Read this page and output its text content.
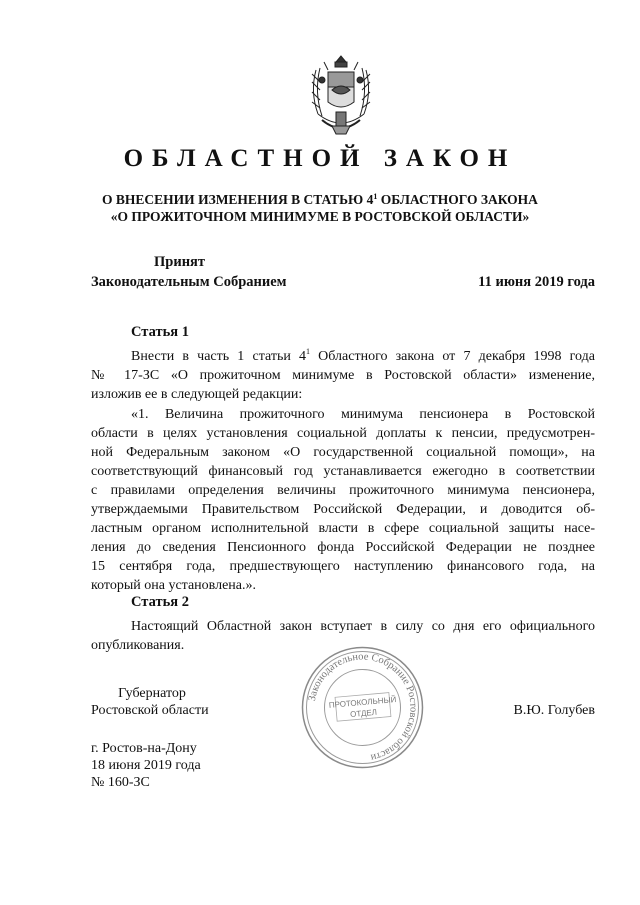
ОБЛАСТНОЙ ЗАКОН
О ВНЕСЕНИИ ИЗМЕНЕНИЯ В СТАТЬЮ $4^1$ ОБЛАСТНОГО ЗАКОНА
«О ПРОЖИТОЧНОМ МИНИМУМЕ В РОСТОВСКОЙ ОБЛАСТИ»
Принят
Законодательным Собранием	11 июня 2019 года
Статья 1
Внести в часть 1 статьи $4^1$ Областного закона от 7 декабря 1998 года
№ 17-ЗС «О прожиточном минимуме в Ростовской области» изменение,
изложив ее в следующей редакции:
«1. Величина прожиточного минимума пенсионера в Ростовской
области в целях установления социальной доплаты к пенсии, предусмотрен-
ной Федеральным законом «О государственной социальной помощи», на
соответствующий финансовый год устанавливается ежегодно в соответствии
с правилами определения величины прожиточного минимума пенсионера,
утверждаемыми Правительством Российской Федерации, и доводится об-
ластным органом исполнительной власти в сфере социальной защиты насе-
ления до сведения Пенсионного фонда Российской Федерации не позднее
15 сентября года, предшествующего наступлению финансового года, на
который она установлена.».
Статья 2
Настоящий Областной закон вступает в силу со дня его официального
опубликования.
Законодательное Собрание Ростовской области
ПРОТОКОЛЬНЫЙ
ОТДЕЛ
Губернатор
Ростовской области	В.Ю. Голубев
г. Ростов-на-Дону
18 июня 2019 года
№ 160-ЗС
